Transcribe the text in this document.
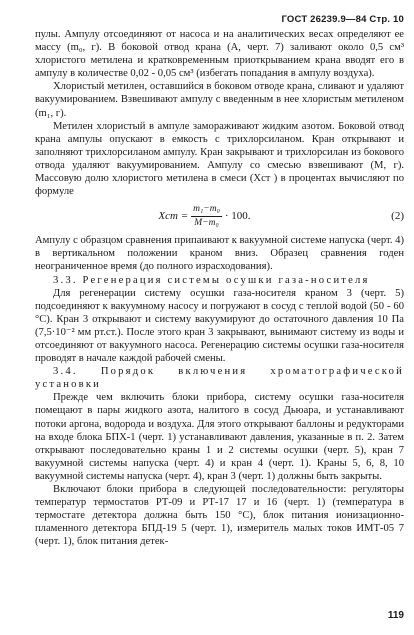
ГОСТ 26239.9—84 Стр. 10

пулы. Ампулу отсоединяют от насоса и на аналитических весах определяют ее массу (m₀, г). В боковой отвод крана (А, черт. 7) заливают около 0,5 см³ хлористого метилена и кратковременным приоткрыванием крана вводят его в ампулу в количестве 0,02 - 0,05 см³ (избегать попадания в ампулу воздуха).

Хлористый метилен, оставшийся в боковом отводе крана, сливают и удаляют вакуумированием. Взвешивают ампулу с введенным в нее хлористым метиленом (m₁, г).

Метилен хлористый в ампуле замораживают жидким азотом. Боковой отвод крана ампулы опускают в емкость с трихлорсиланом. Кран открывают и заполняют трихлорсиланом ампулу. Кран закрывают и трихлорсилан из бокового отвода удаляют вакуумированием. Ампулу со смесью взвешивают (M, г). Массовую долю хлористого метилена в смеси (Xст ) в процентах вычисляют по формуле

Xст = $\frac{\text{m₁−m₀}}{\text{M−m₀}} \cdot 100$.	(2)

Ампулу с образцом сравнения припаивают к вакуумной системе напуска (черт. 4) в вертикальном положении краном вниз. Образец сравнения годен неограниченное время (до полного израсходования).

3.3. Регенерация системы осушки газа-носителя

Для регенерации систему осушки газа-носителя краном 3 (черт. 5) подсоединяют к вакуумному насосу и погружают в сосуд с теплой водой (50 - 60 °С). Кран 3 открывают и систему вакуумируют до остаточного давления 10 Па (7,5·10⁻² мм рт.ст.). После этого кран 3 закрывают, вынимают систему из воды и отсоединяют от вакуумного насоса. Регенерацию системы осушки газа-носителя проводят в начале каждой рабочей смены.

3.4. Порядок включения хроматографической установки

Прежде чем включить блоки прибора, систему осушки газа-носителя помещают в пары жидкого азота, налитого в сосуд Дьюара, и устанавливают потоки аргона, водорода и воздуха. Для этого открывают баллоны и редукторами на входе блока БПХ-1 (черт. 1) устанавливают давления, указанные в п. 2. Затем открывают последовательно краны 1 и 2 системы осушки (черт. 5), кран 7 вакуумной системы напуска (черт. 4) и кран 4 (черт. 1). Краны 5, 6, 8, 10 вакуумной системы напуска (черт. 4), кран 3 (черт. 1) должны быть закрыты.

Включают блоки прибора в следующей последовательности: регуляторы температур термостатов РТ-09 и РТ-17 17 и 16 (черт. 1) (температура в термостате детектора должна быть 150 °С), блок питания ионизационно-пламенного детектора БПД-19 5 (черт. 1), измеритель малых токов ИМТ-05 7 (черт. 1), блок питания детек-

119
